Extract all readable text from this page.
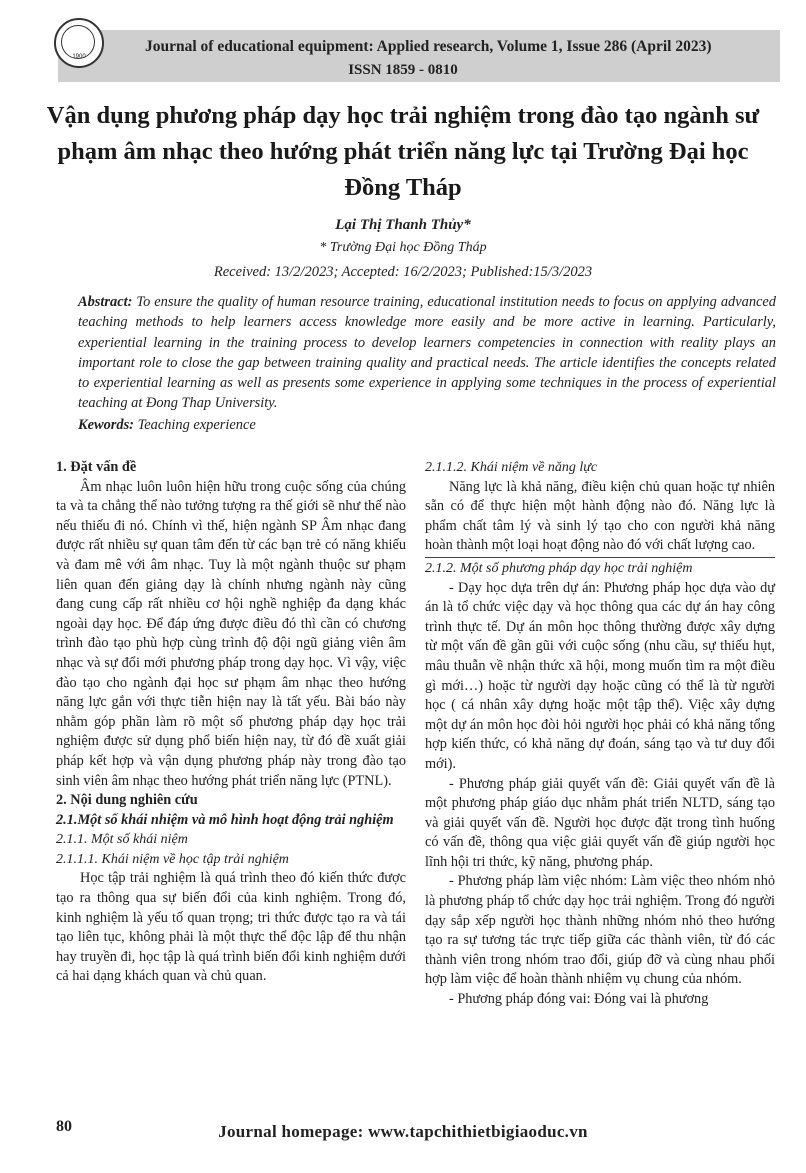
1900
Journal of educational equipment: Applied research, Volume 1, Issue 286 (April 2023)
ISSN 1859 - 0810
Vận dụng phương pháp dạy học trải nghiệm trong đào tạo ngành sư phạm âm nhạc theo hướng phát triển năng lực tại Trường Đại học Đồng Tháp
Lại Thị Thanh Thủy*
* Trường Đại học Đồng Tháp
Received: 13/2/2023; Accepted: 16/2/2023; Published:15/3/2023
Abstract: To ensure the quality of human resource training, educational institution needs to focus on applying advanced teaching methods to help learners access knowledge more easily and be more active in learning. Particularly, experiential learning in the training process to develop learners competencies in connection with reality plays an important role to close the gap between training quality and practical needs. The article identifies the concepts related to experiential learning as well as presents some experience in applying some techniques in the process of experiential teaching at Đong Thap University.
Kewords: Teaching experience
1. Đặt vấn đề

Âm nhạc luôn luôn hiện hữu trong cuộc sống của chúng ta và ta chẳng thể nào tưởng tượng ra thế giới sẽ như thế nào nếu thiếu đi nó. Chính vì thế, hiện ngành SP Âm nhạc đang được rất nhiều sự quan tâm đến từ các bạn trẻ có năng khiếu và đam mê với âm nhạc. Tuy là một ngành thuộc sư phạm liên quan đến giảng dạy là chính nhưng ngành này cũng đang cung cấp rất nhiều cơ hội nghề nghiệp đa dạng khác ngoài dạy học. Để đáp ứng được điều đó thì cần có chương trình đào tạo phù hợp cùng trình độ đội ngũ giảng viên âm nhạc và sự đổi mới phương pháp trong dạy học. Vì vậy, việc đào tạo cho ngành đại học sư phạm âm nhạc theo hướng năng lực gắn với thực tiễn hiện nay là tất yếu. Bài báo này nhằm góp phần làm rõ một số phương pháp dạy học trải nghiệm được sử dụng phổ biến hiện nay, từ đó đề xuất giải pháp kết hợp và vận dụng phương pháp này trong đào tạo sinh viên âm nhạc theo hướng phát triển năng lực (PTNL).

2. Nội dung nghiên cứu
2.1.Một số khái nhiệm và mô hình hoạt động trải nghiệm
2.1.1. Một số khái niệm
2.1.1.1. Khái niệm về học tập trải nghiệm

Học tập trải nghiệm là quá trình theo đó kiến thức được tạo ra thông qua sự biến đổi của kinh nghiệm. Trong đó, kinh nghiệm là yếu tố quan trọng; tri thức được tạo ra và tái tạo liên tục, không phải là một thực thể độc lập để thu nhận hay truyền đi, học tập là quá trình biến đổi kinh nghiệm dưới cả hai dạng khách quan và chủ quan.

2.1.1.2. Khái niệm về năng lực

Năng lực là khả năng, điều kiện chủ quan hoặc tự nhiên sẵn có để thực hiện một hành động nào đó. Năng lực là phẩm chất tâm lý và sinh lý tạo cho con người khả năng hoàn thành một loại hoạt động nào đó với chất lượng cao.

2.1.2. Một số phương pháp dạy học trải nghiệm

- Dạy học dựa trên dự án: Phương pháp học dựa vào dự án là tổ chức việc dạy và học thông qua các dự án hay công trình thực tế. Dự án môn học thông thường được xây dựng từ một vấn đề gần gũi với cuộc sống (nhu cầu, sự thiếu hụt, mâu thuẫn về nhận thức xã hội, mong muốn tìm ra một điều gì mới…) hoặc từ người dạy hoặc cũng có thể là từ người học ( cá nhân xây dựng hoặc một tập thể). Việc xây dựng một dự án môn học đòi hỏi người học phải có khả năng tổng hợp kiến thức, có khả năng dự đoán, sáng tạo và tư duy đổi mới).

- Phương pháp giải quyết vấn đề: Giải quyết vấn đề là một phương pháp giáo dục nhằm phát triển NLTD, sáng tạo và giải quyết vấn đề. Người học được đặt trong tình huống có vấn đề, thông qua việc giải quyết vấn đề giúp người học lĩnh hội tri thức, kỹ năng, phương pháp.

- Phương pháp làm việc nhóm: Làm việc theo nhóm nhỏ là phương pháp tổ chức dạy học trải nghiệm. Trong đó người dạy sắp xếp người học thành những nhóm nhỏ theo hướng tạo ra sự tương tác trực tiếp giữa các thành viên, từ đó các thành viên trong nhóm trao đổi, giúp đỡ và cùng nhau phối hợp làm việc để hoàn thành nhiệm vụ chung của nhóm.

- Phương pháp đóng vai: Đóng vai là phương

80	Journal homepage: www.tapchithietbigiaoduc.vn
